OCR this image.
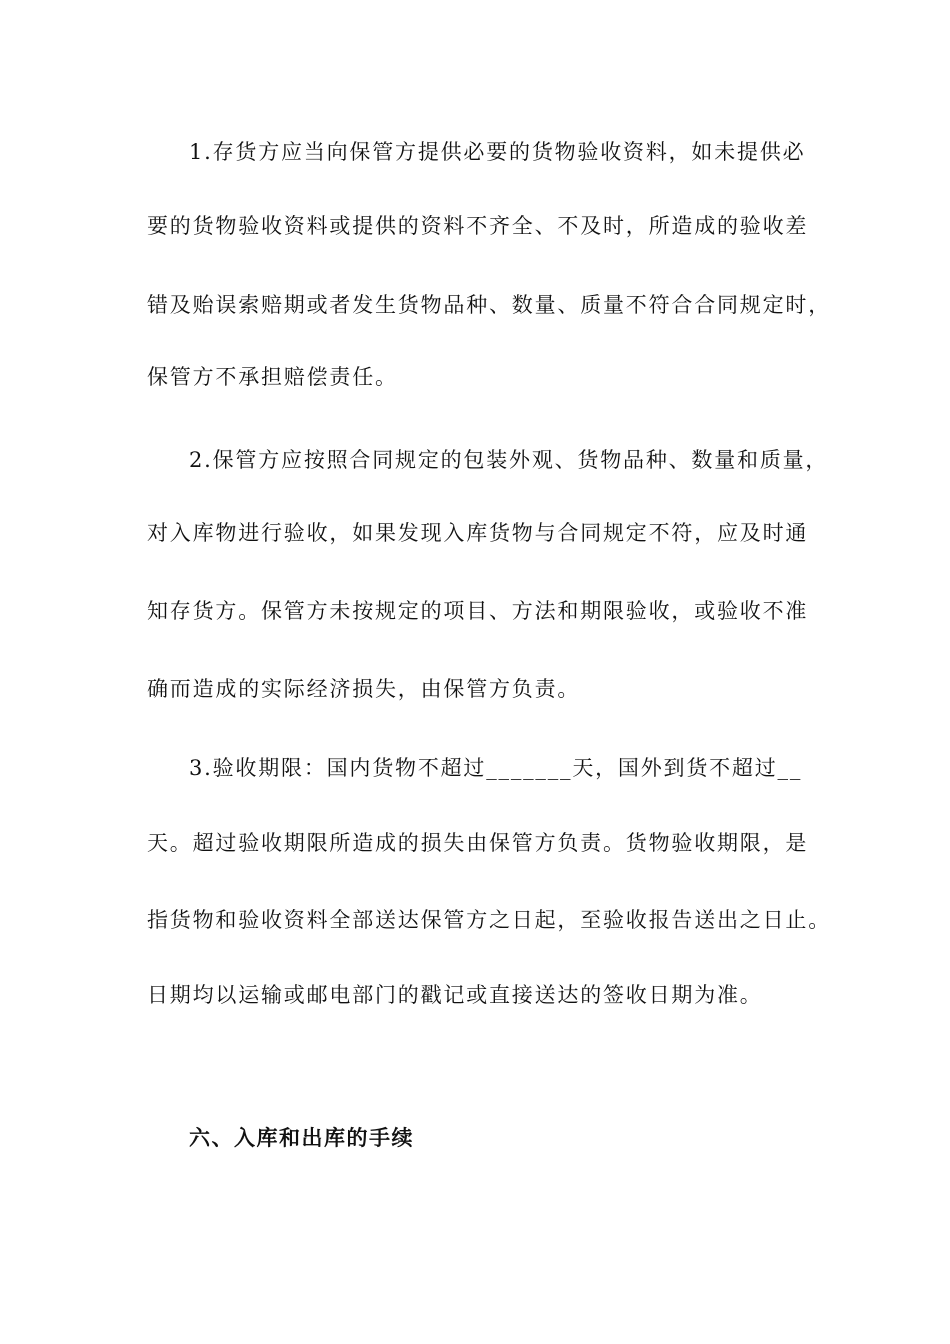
1.存货方应当向保管方提供必要的货物验收资料，如未提供必
要的货物验收资料或提供的资料不齐全、不及时，所造成的验收差
错及贻误索赔期或者发生货物品种、数量、质量不符合合同规定时，
保管方不承担赔偿责任。
2.保管方应按照合同规定的包装外观、货物品种、数量和质量，
对入库物进行验收，如果发现入库货物与合同规定不符，应及时通
知存货方。保管方未按规定的项目、方法和期限验收，或验收不准
确而造成的实际经济损失，由保管方负责。
3.验收期限：国内货物不超过_______天，国外到货不超过__
天。超过验收期限所造成的损失由保管方负责。货物验收期限，是
指货物和验收资料全部送达保管方之日起，至验收报告送出之日止。
日期均以运输或邮电部门的戳记或直接送达的签收日期为准。
六、入库和出库的手续
